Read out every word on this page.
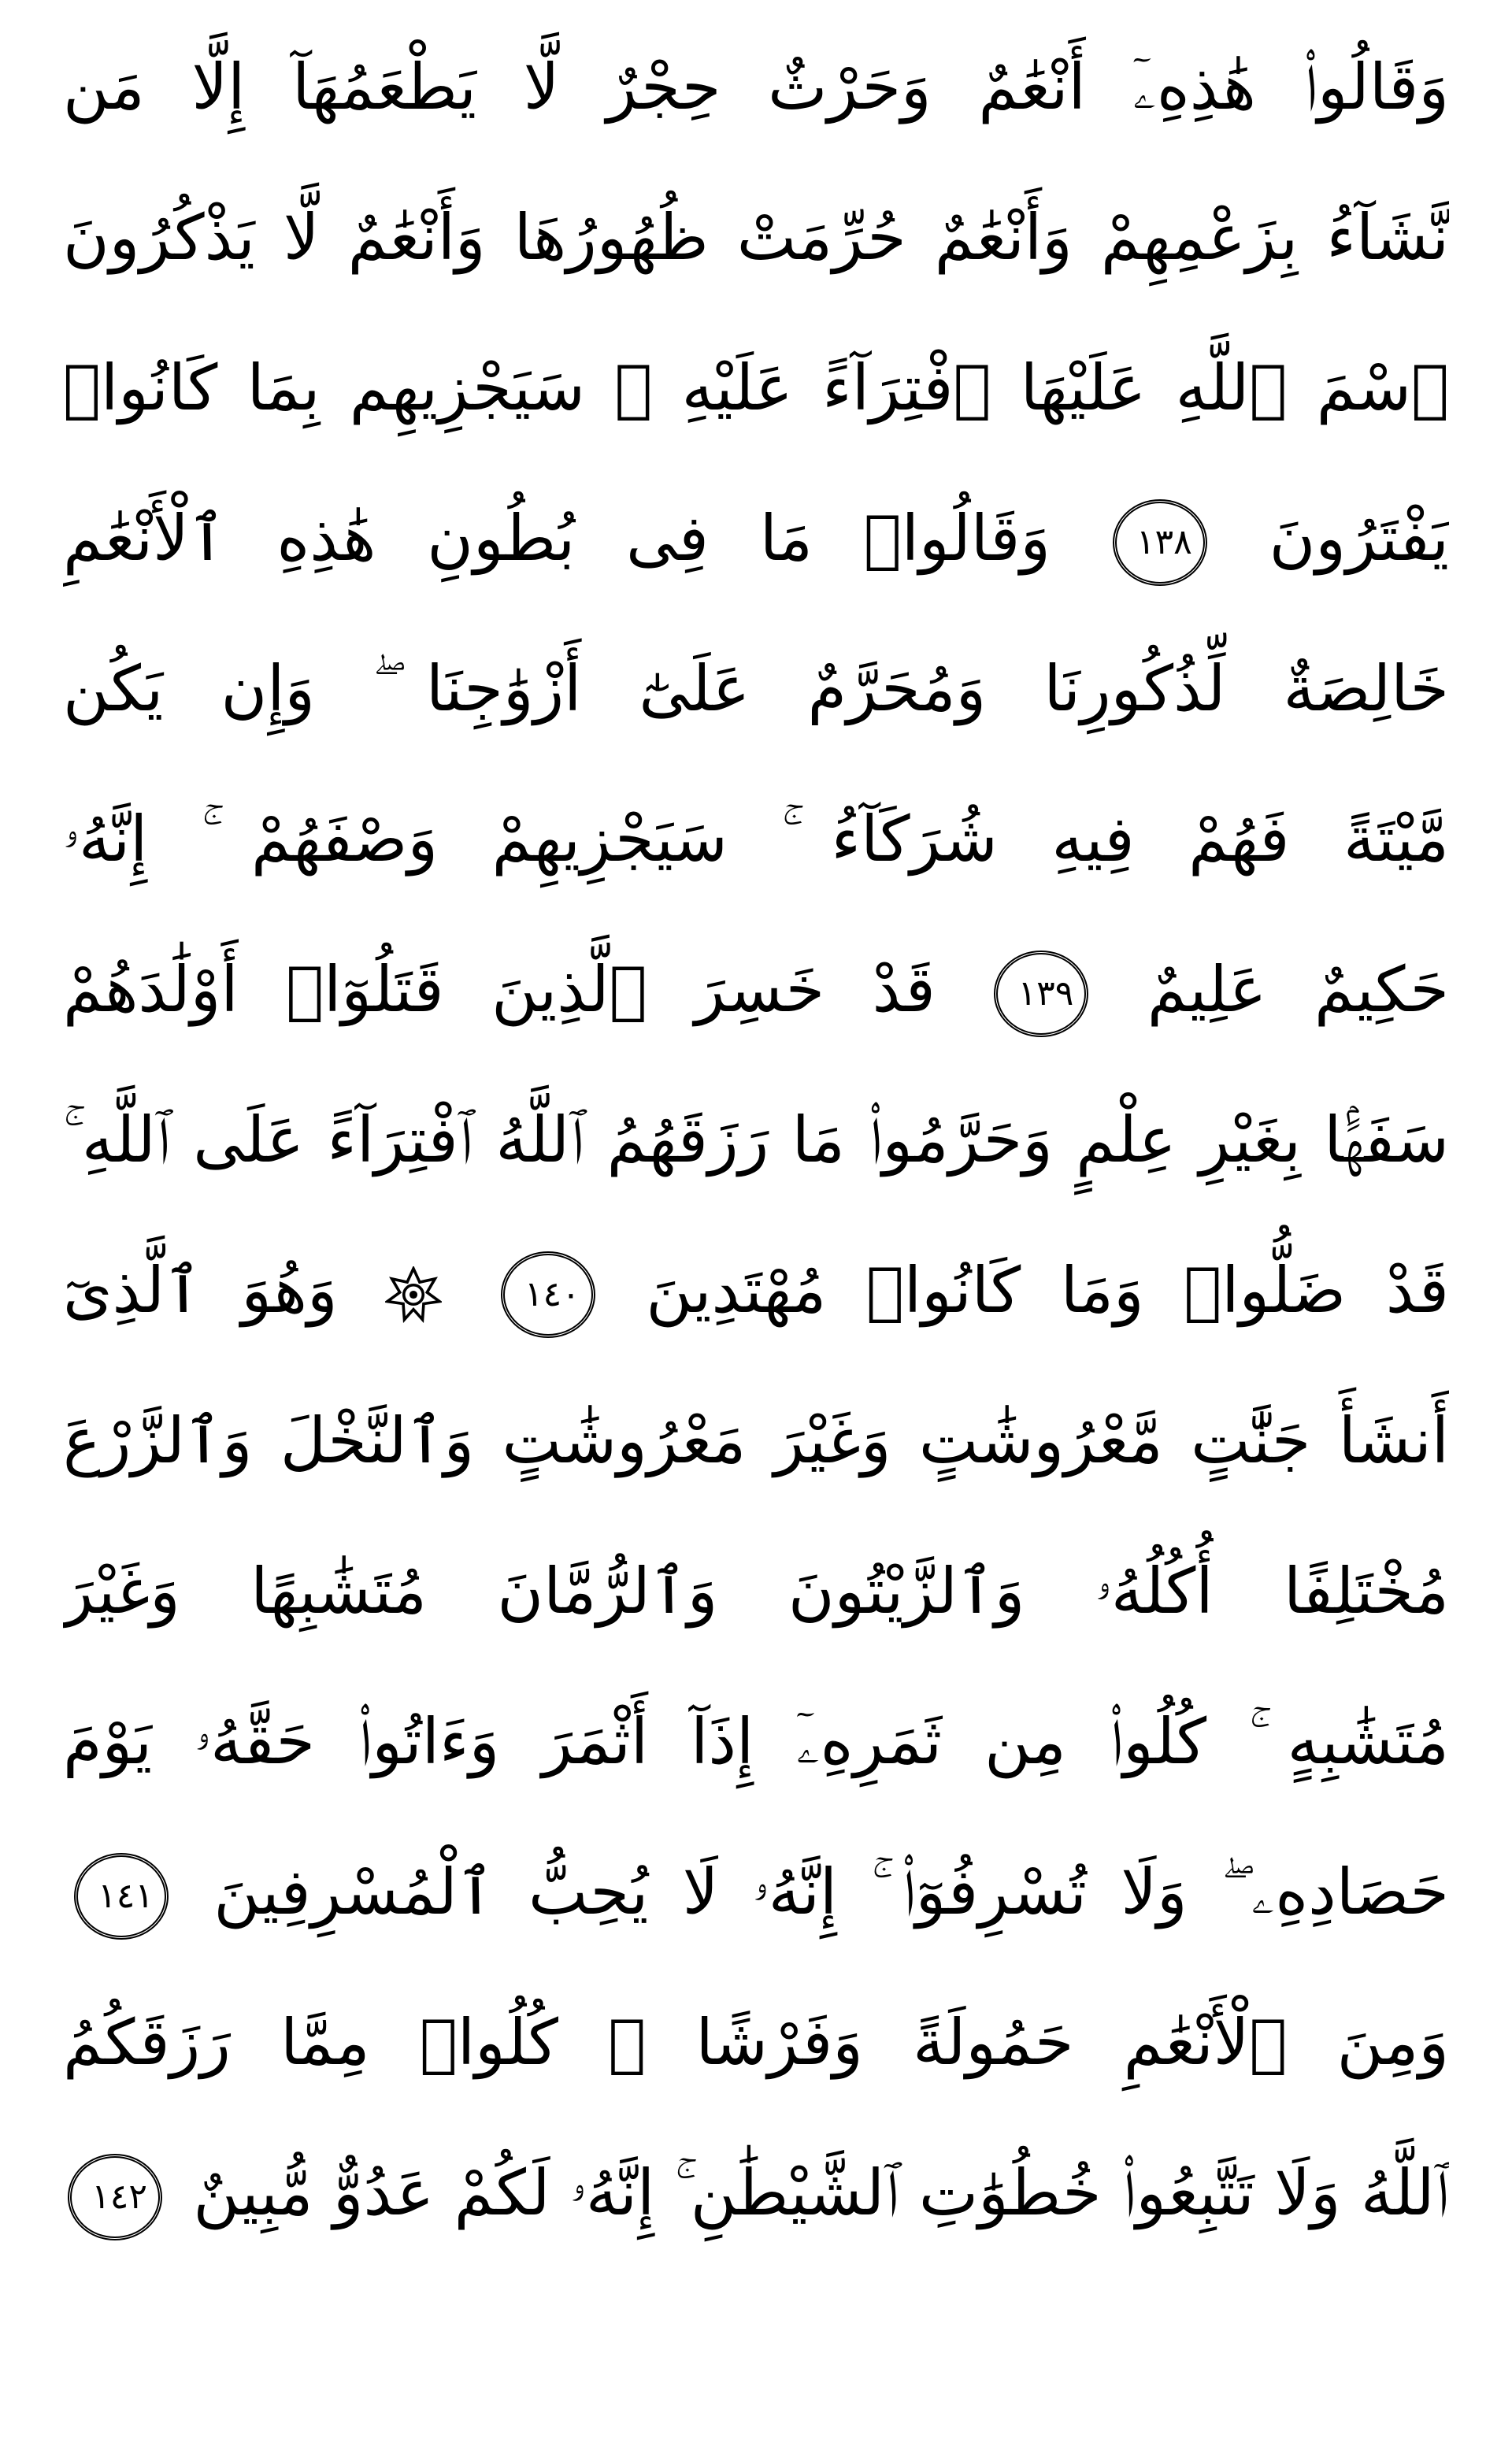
وَقَالُوا۟ هَٰذِهِۦٓ أَنْعَٰمٌ وَحَرْثٌ حِجْرٌ لَّا يَطْعَمُهَآ إِلَّا مَن
نَّشَآءُ بِزَعْمِهِمْ وَأَنْعَٰمٌ حُرِّمَتْ ظُهُورُهَا وَأَنْعَٰمٌ لَّا يَذْكُرُونَ
ٱسْمَ ٱللَّهِ عَلَيْهَا ٱفْتِرَآءً عَلَيْهِ ۚ سَيَجْزِيهِم بِمَا كَانُوا۟
يَفْتَرُونَ ١٣٨ وَقَالُوا۟ مَا فِى بُطُونِ هَٰذِهِ ٱلْأَنْعَٰمِ
خَالِصَةٌ لِّذُكُورِنَا وَمُحَرَّمٌ عَلَىٰٓ أَزْوَٰجِنَا ۖ وَإِن يَكُن
مَّيْتَةً فَهُمْ فِيهِ شُرَكَآءُ ۚ سَيَجْزِيهِمْ وَصْفَهُمْ ۚ إِنَّهُۥ
حَكِيمٌ عَلِيمٌ ١٣٩ قَدْ خَسِرَ ٱلَّذِينَ قَتَلُوٓا۟ أَوْلَٰدَهُمْ
سَفَهًۢا بِغَيْرِ عِلْمٍ وَحَرَّمُوا۟ مَا رَزَقَهُمُ ٱللَّهُ ٱفْتِرَآءً عَلَى ٱللَّهِ ۚ
قَدْ ضَلُّوا۟ وَمَا كَانُوا۟ مُهْتَدِينَ ١٤٠  وَهُوَ ٱلَّذِىٓ
أَنشَأَ جَنَّٰتٍ مَّعْرُوشَٰتٍ وَغَيْرَ مَعْرُوشَٰتٍ وَٱلنَّخْلَ وَٱلزَّرْعَ
مُخْتَلِفًا أُكُلُهُۥ وَٱلزَّيْتُونَ وَٱلرُّمَّانَ مُتَشَٰبِهًا وَغَيْرَ
مُتَشَٰبِهٍ ۚ كُلُوا۟ مِن ثَمَرِهِۦٓ إِذَآ أَثْمَرَ وَءَاتُوا۟ حَقَّهُۥ يَوْمَ
حَصَادِهِۦ ۖ وَلَا تُسْرِفُوٓا۟ ۚ إِنَّهُۥ لَا يُحِبُّ ٱلْمُسْرِفِينَ ١٤١
وَمِنَ ٱلْأَنْعَٰمِ حَمُولَةً وَفَرْشًا ۚ كُلُوا۟ مِمَّا رَزَقَكُمُ
ٱللَّهُ وَلَا تَتَّبِعُوا۟ خُطُوَٰتِ ٱلشَّيْطَٰنِ ۚ إِنَّهُۥ لَكُمْ عَدُوٌّ مُّبِينٌ ١٤٢
